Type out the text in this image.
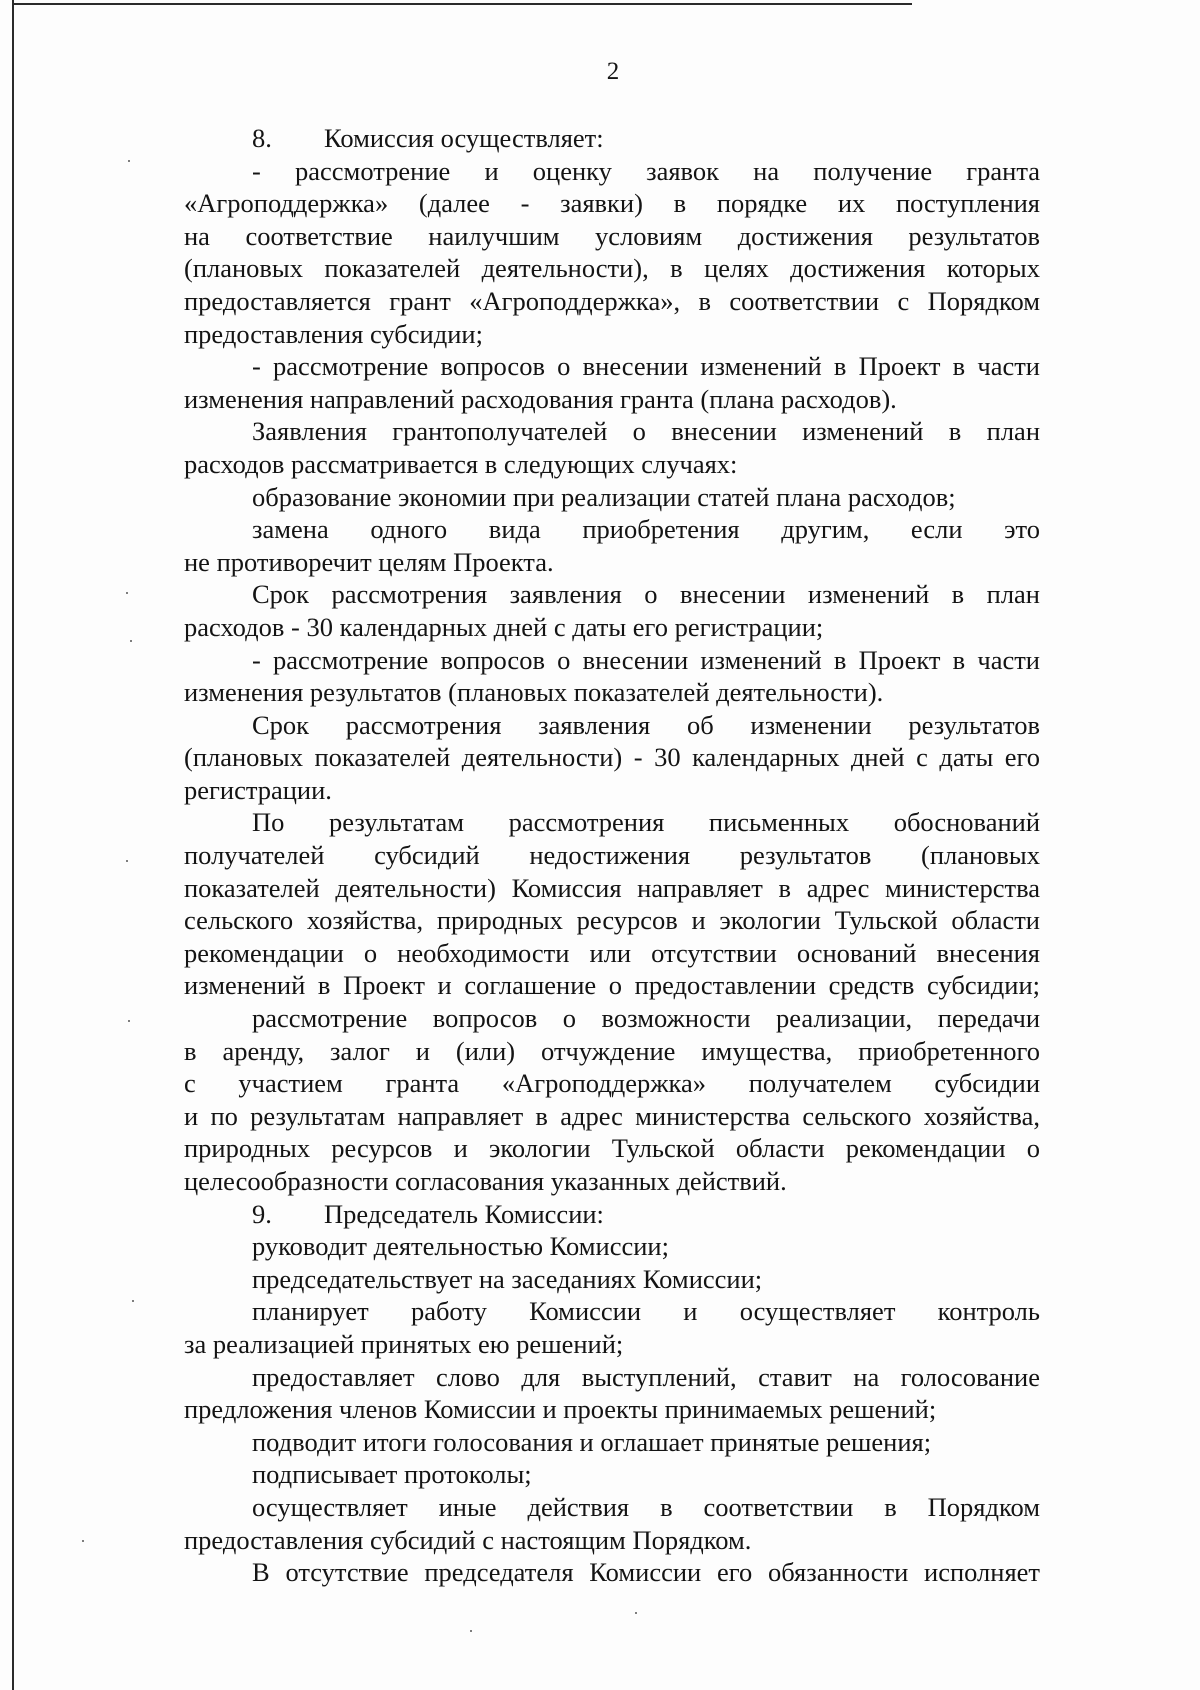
2
8. Комиссия осуществляет:
- рассмотрение и оценку заявок на получение гранта
«Агроподдержка» (далее - заявки) в порядке их поступления
на соответствие наилучшим условиям достижения результатов
(плановых показателей деятельности), в целях достижения которых
предоставляется грант «Агроподдержка», в соответствии с Порядком
предоставления субсидии;
- рассмотрение вопросов о внесении изменений в Проект в части
изменения направлений расходования гранта (плана расходов).
Заявления грантополучателей о внесении изменений в план
расходов рассматривается в следующих случаях:
образование экономии при реализации статей плана расходов;
замена одного вида приобретения другим, если это
не противоречит целям Проекта.
Срок рассмотрения заявления о внесении изменений в план
расходов - 30 календарных дней с даты его регистрации;
- рассмотрение вопросов о внесении изменений в Проект в части
изменения результатов (плановых показателей деятельности).
Срок рассмотрения заявления об изменении результатов
(плановых показателей деятельности) - 30 календарных дней с даты его
регистрации.
По результатам рассмотрения письменных обоснований
получателей субсидий недостижения результатов (плановых
показателей деятельности) Комиссия направляет в адрес министерства
сельского хозяйства, природных ресурсов и экологии Тульской области
рекомендации о необходимости или отсутствии оснований внесения
изменений в Проект и соглашение о предоставлении средств субсидии;
рассмотрение вопросов о возможности реализации, передачи
в аренду, залог и (или) отчуждение имущества, приобретенного
с участием гранта «Агроподдержка» получателем субсидии
и по результатам направляет в адрес министерства сельского хозяйства,
природных ресурсов и экологии Тульской области рекомендации о
целесообразности согласования указанных действий.
9. Председатель Комиссии:
руководит деятельностью Комиссии;
председательствует на заседаниях Комиссии;
планирует работу Комиссии и осуществляет контроль
за реализацией принятых ею решений;
предоставляет слово для выступлений, ставит на голосование
предложения членов Комиссии и проекты принимаемых решений;
подводит итоги голосования и оглашает принятые решения;
подписывает протоколы;
осуществляет иные действия в соответствии в Порядком
предоставления субсидий с настоящим Порядком.
В отсутствие председателя Комиссии его обязанности исполняет
